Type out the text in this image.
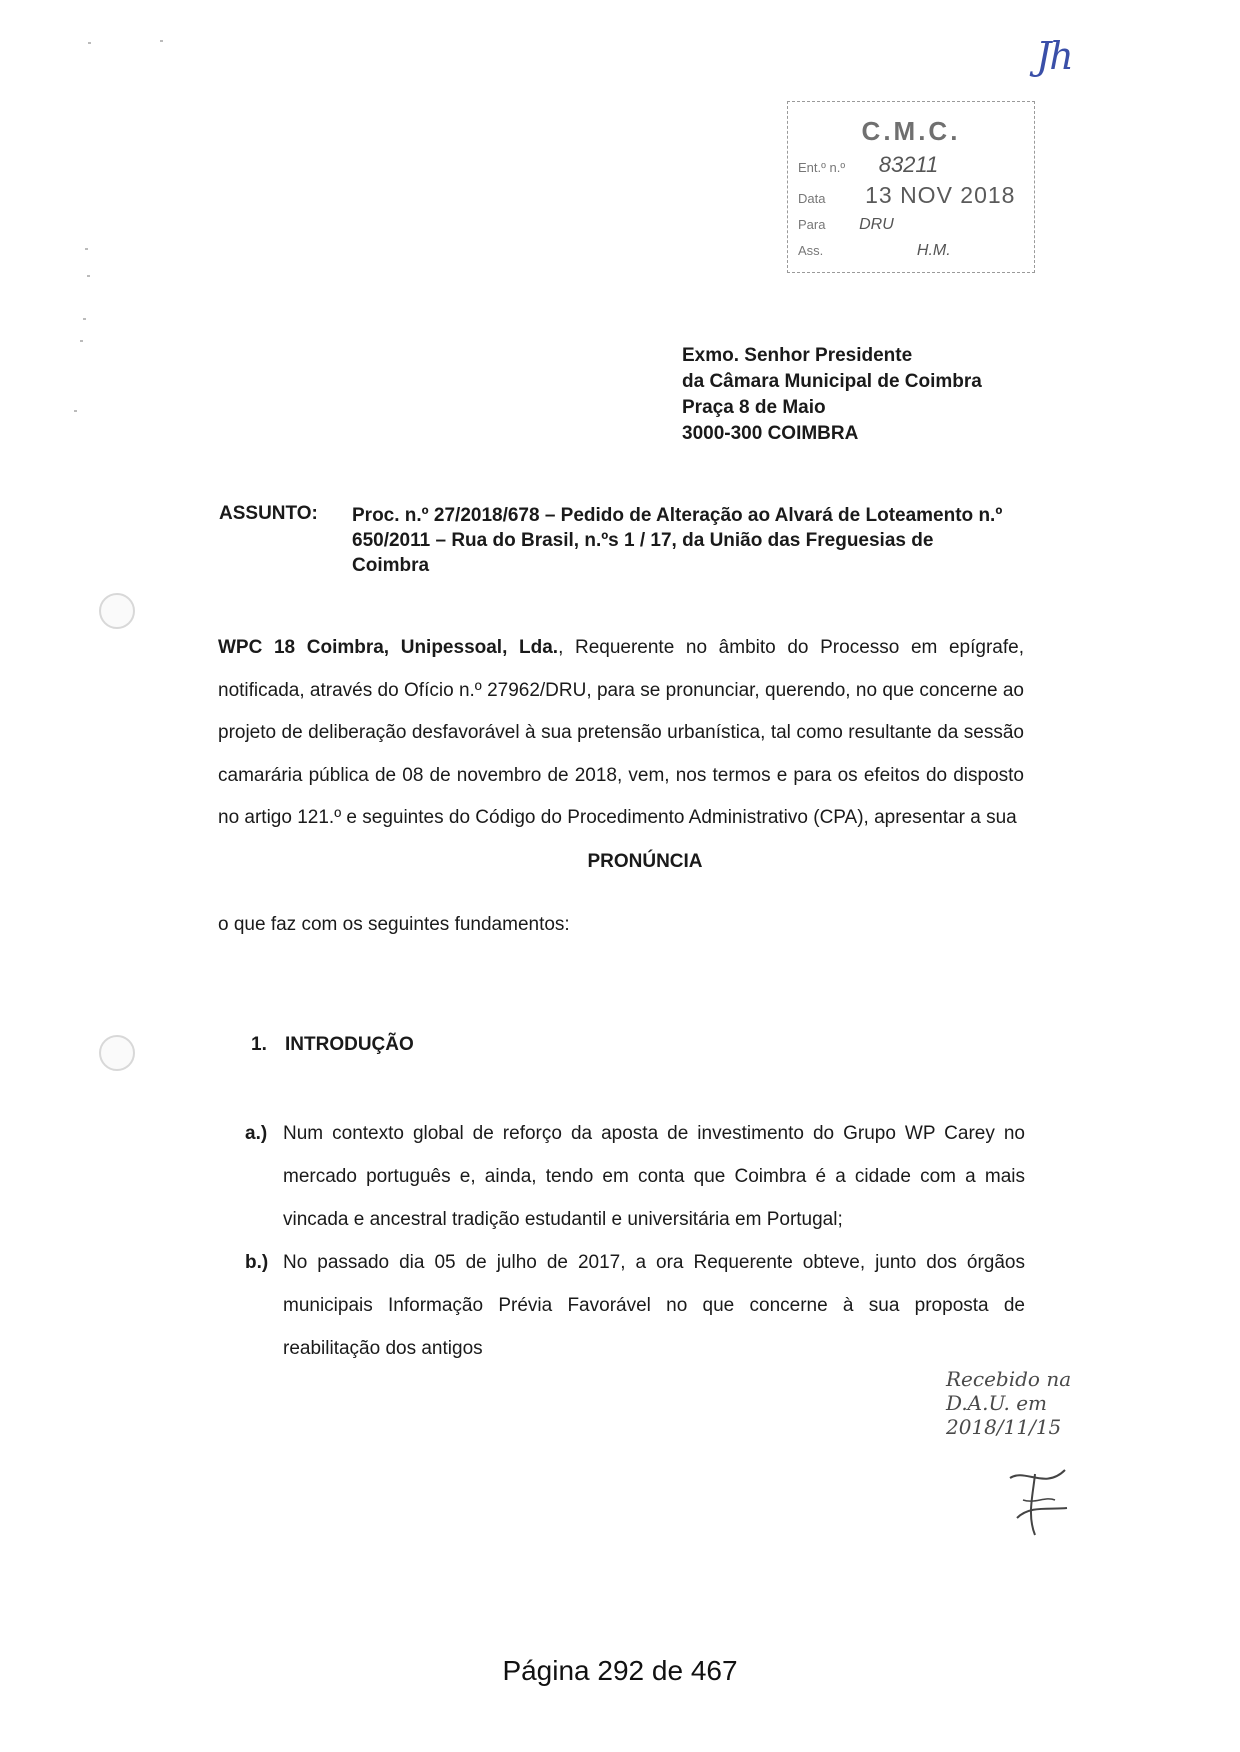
Jh
C.M.C.
Ent.º n.º 83211
Data 13 NOV 2018
Para DRU
Ass.	H.M.
Exmo. Senhor Presidente
da Câmara Municipal de Coimbra
Praça 8 de Maio
3000-300 COIMBRA
ASSUNTO: Proc. n.º 27/2018/678 – Pedido de Alteração ao Alvará de Loteamento n.º
650/2011 – Rua do Brasil, n.ºs 1 / 17, da União das Freguesias de Coimbra
WPC 18 Coimbra, Unipessoal, Lda., Requerente no âmbito do Processo em epígrafe, notificada, através do Ofício n.º 27962/DRU, para se pronunciar, querendo, no que concerne ao projeto de deliberação desfavorável à sua pretensão urbanística, tal como resultante da sessão camarária pública de 08 de novembro de 2018, vem, nos termos e para os efeitos do disposto no artigo 121.º e seguintes do Código do Procedimento Administrativo (CPA), apresentar a sua
PRONÚNCIA
o que faz com os seguintes fundamentos:
1. INTRODUÇÃO
a.) Num contexto global de reforço da aposta de investimento do Grupo WP Carey no mercado português e, ainda, tendo em conta que Coimbra é a cidade com a mais vincada e ancestral tradição estudantil e universitária em Portugal;
b.) No passado dia 05 de julho de 2017, a ora Requerente obteve, junto dos órgãos municipais Informação Prévia Favorável no que concerne à sua proposta de reabilitação dos antigos
Recebido na
D.A.U. em
2018/11/15
Página 292 de 467
